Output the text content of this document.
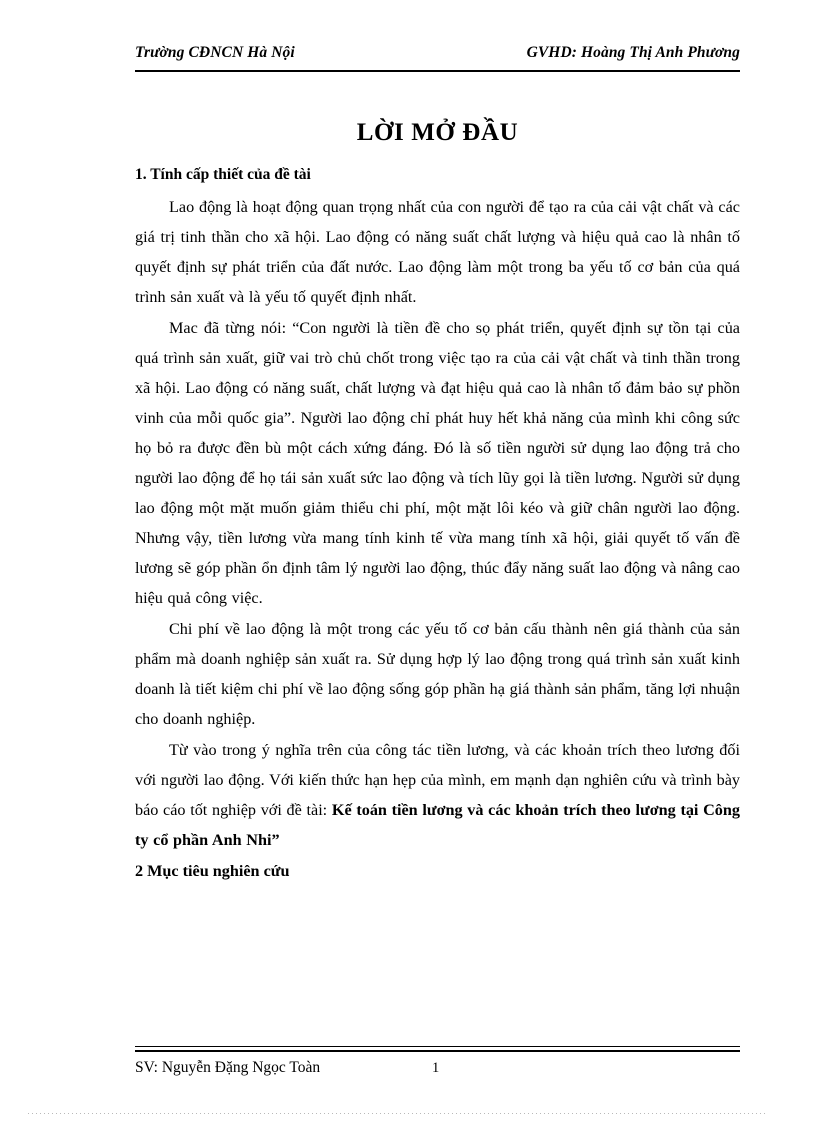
Trường CĐNCN Hà Nội	GVHD: Hoàng Thị Anh Phương
LỜI MỞ ĐẦU
1. Tính cấp thiết của đề tài

Lao động là hoạt động quan trọng nhất của con người để tạo ra của cải vật chất và các giá trị tinh thần cho xã hội. Lao động có năng suất chất lượng và hiệu quả cao là nhân tố quyết định sự phát triển của đất nước. Lao động làm một trong ba yếu tố cơ bản của quá trình sản xuất và là yếu tố quyết định nhất.

Mac đã từng nói: “Con người là tiền đề cho sọ phát triển, quyết định sự tồn tại của quá trình sản xuất, giữ vai trò chủ chốt trong việc tạo ra của cải vật chất và tinh thần trong xã hội. Lao động có năng suất, chất lượng và đạt hiệu quả cao là nhân tố đảm bảo sự phồn vinh của mỗi quốc gia”. Người lao động chỉ phát huy hết khả năng của mình khi công sức họ bỏ ra được đền bù một cách xứng đáng. Đó là số tiền người sử dụng lao động trả cho người lao động để họ tái sản xuất sức lao động và tích lũy gọi là tiền lương. Người sử dụng lao động một mặt muốn giảm thiểu chi phí, một mặt lôi kéo và giữ chân người lao động. Nhưng vậy, tiền lương vừa mang tính kinh tế vừa mang tính xã hội, giải quyết tố vấn đề lương sẽ góp phần ổn định tâm lý người lao động, thúc đẩy năng suất lao động và nâng cao hiệu quả công việc.

Chi phí về lao động là một trong các yếu tố cơ bản cấu thành nên giá thành của sản phẩm mà doanh nghiệp sản xuất ra. Sử dụng hợp lý lao động trong quá trình sản xuất kinh doanh là tiết kiệm chi phí về lao động sống góp phần hạ giá thành sản phẩm, tăng lợi nhuận cho doanh nghiệp.

Từ vào trong ý nghĩa trên của công tác tiền lương, và các khoản trích theo lương đối với người lao động. Với kiến thức hạn hẹp của mình, em mạnh dạn nghiên cứu và trình bày báo cáo tốt nghiệp với đề tài: Kế toán tiền lương và các khoản trích theo lương tại Công ty cổ phần Anh Nhi”

2 Mục tiêu nghiên cứu

SV: Nguyễn Đặng Ngọc Toàn	1
